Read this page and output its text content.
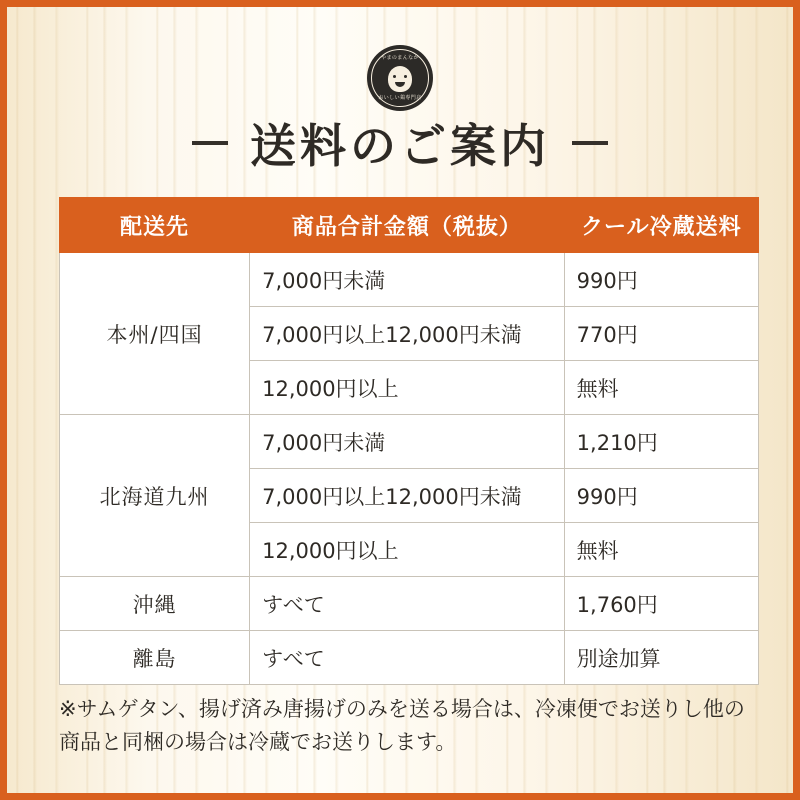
やまのまんなか
おいしい鶏専門店
送料のご案内
配送先	商品合計金額（税抜）	クール冷蔵送料
本州/四国	7,000円未満	990円
	7,000円以上12,000円未満	770円
	12,000円以上	無料
北海道九州	7,000円未満	1,210円
	7,000円以上12,000円未満	990円
	12,000円以上	無料
沖縄	すべて	1,760円
離島	すべて	別途加算
※サムゲタン、揚げ済み唐揚げのみを送る場合は、冷凍便でお送りし他の商品と同梱の場合は冷蔵でお送りします。
